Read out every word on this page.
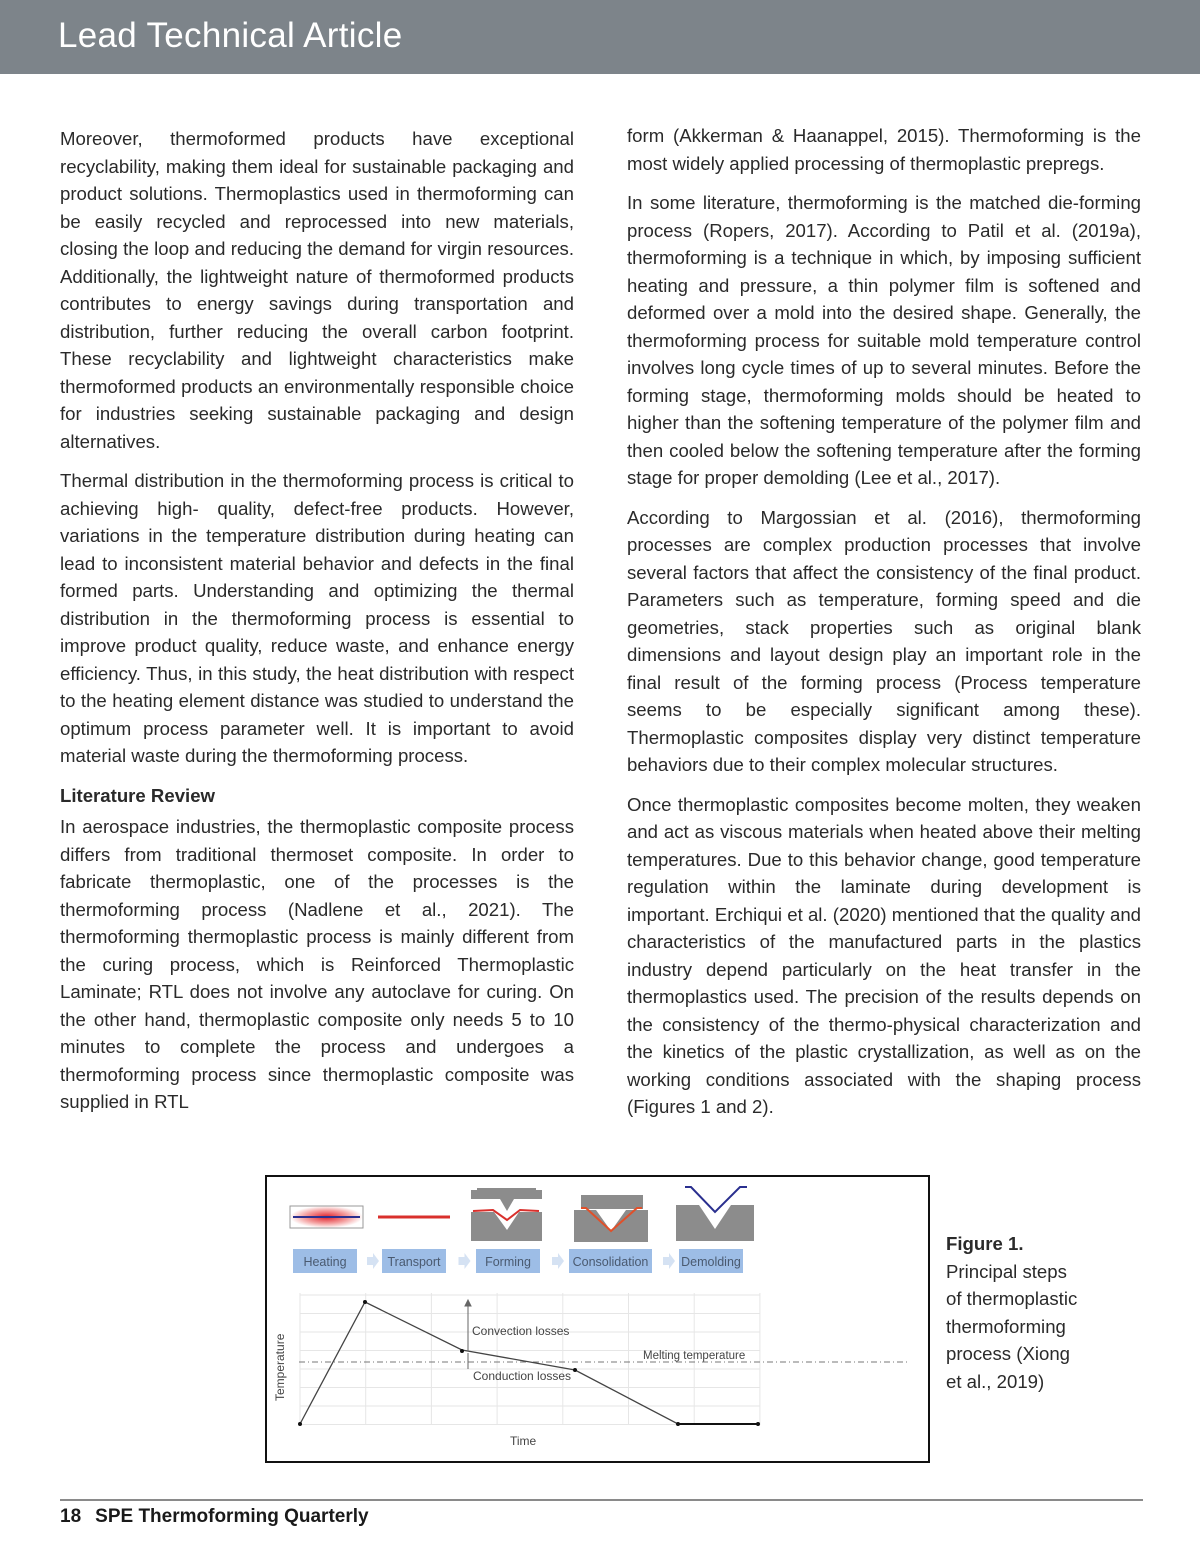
Lead Technical Article

Moreover, thermoformed products have exceptional recyclability, making them ideal for sustainable packaging and product solutions. Thermoplastics used in thermoforming can be easily recycled and reprocessed into new materials, closing the loop and reducing the demand for virgin resources. Additionally, the lightweight nature of thermoformed products contributes to energy savings during transportation and distribution, further reducing the overall carbon footprint. These recyclability and lightweight characteristics make thermoformed products an environmentally responsible choice for industries seeking sustainable packaging and design alternatives.

Thermal distribution in the thermoforming process is critical to achieving high- quality, defect-free products. However, variations in the temperature distribution during heating can lead to inconsistent material behavior and defects in the final formed parts. Understanding and optimizing the thermal distribution in the thermoforming process is essential to improve product quality, reduce waste, and enhance energy efficiency. Thus, in this study, the heat distribution with respect to the heating element distance was studied to understand the optimum process parameter well. It is important to avoid material waste during the thermoforming process.

Literature Review

In aerospace industries, the thermoplastic composite process differs from traditional thermoset composite. In order to fabricate thermoplastic, one of the processes is the thermoforming process (Nadlene et al., 2021). The thermoforming thermoplastic process is mainly different from the curing process, which is Reinforced Thermoplastic Laminate; RTL does not involve any autoclave for curing. On the other hand, thermoplastic composite only needs 5 to 10 minutes to complete the process and undergoes a thermoforming process since thermoplastic composite was supplied in RTL

form (Akkerman & Haanappel, 2015). Thermoforming is the most widely applied processing of thermoplastic prepregs.

In some literature, thermoforming is the matched die-forming process (Ropers, 2017). According to Patil et al. (2019a), thermoforming is a technique in which, by imposing sufficient heating and pressure, a thin polymer film is softened and deformed over a mold into the desired shape. Generally, the thermoforming process for suitable mold temperature control involves long cycle times of up to several minutes. Before the forming stage, thermoforming molds should be heated to higher than the softening temperature of the polymer film and then cooled below the softening temperature after the forming stage for proper demolding (Lee et al., 2017).

According to Margossian et al. (2016), thermoforming processes are complex production processes that involve several factors that affect the consistency of the final product. Parameters such as temperature, forming speed and die geometries, stack properties such as original blank dimensions and layout design play an important role in the final result of the forming process (Process temperature seems to be especially significant among these). Thermoplastic composites display very distinct temperature behaviors due to their complex molecular structures.

Once thermoplastic composites become molten, they weaken and act as viscous materials when heated above their melting temperatures. Due to this behavior change, good temperature regulation within the laminate during development is important. Erchiqui et al. (2020) mentioned that the quality and characteristics of the manufactured parts in the plastics industry depend particularly on the heat transfer in the thermoplastics used. The precision of the results depends on the consistency of the thermo-physical characterization and the kinetics of the plastic crystallization, as well as on the working conditions associated with the shaping process (Figures 1 and 2).

Heating	Transport	Forming	Consolidation	Demolding
Convection losses
Conduction losses
Melting temperature
Time
Temperature
Figure 1. Principal steps of thermoplastic thermoforming process (Xiong et al., 2019)
18 SPE Thermoforming Quarterly
